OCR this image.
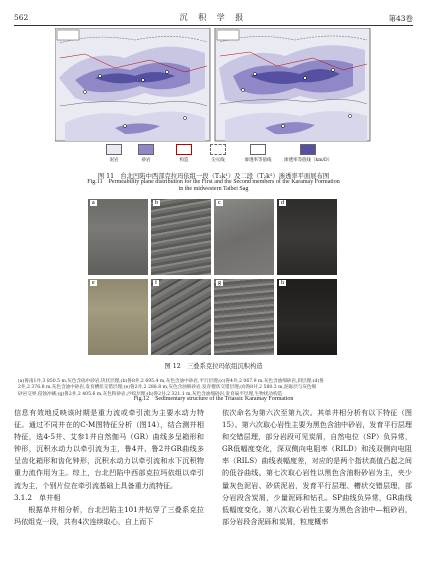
562	沉 积 学 报	第43卷
泥岩	砂岩	构造	尖灭线	渗透率等值线	渗透率等值线（km/D）
图 11　台北凹陷中西部克拉玛依组一段（T₂k¹）及二段（T₂k²）渗透率平面展布图
Fig.11　Permeability plane distribution for the First and the Second members of the Karamay Formation
in the midwestern Taibei Sag
a	b	c	d
e	f	g	h
图 12　三叠系克拉玛依组沉积构造
(a)鲁南1井,3 850.5 m,灰色含砾中砂岩,块状层理;(b)鲁8井,2 695.4 m,灰色含油中砂岩,平行层理;(c)鲁4井,2 067.9 m,灰色含油细砂岩,斜层理;(d)鲁
2井,2 376.8 m,灰色含油中砂岩,发育槽状交错层理;(e)鲁2井,2 288.8 m,灰色含油细砂岩,发育楔状交错层理;(f)鲁8井,2 580.3 m,泥砾层与灰色细
砂岩交界,侵蚀冲刷;(g)鲁2井,2 405.6 m,灰色粉砂岩,沙纹层理;(h)鲁2井,2 321.1 m,灰色含油细砂岩,发育扁平层理,生物扰动构造
Fig.12　Sedimentary structure of the Triassic Karamay Formation

信息有效地反映该时期是重力流或牵引流为主要水动力特征。通过不同井在的C-M图特征分析（图14），结合测井相特征，选4-5井、艾参1井自然伽马（GR）曲线多呈箱形和钟形，沉积水动力以牵引流为主，鲁4井、鲁2井GR曲线多呈齿化箱形和齿化钟形，沉积水动力以牵引流和水下沉积物重力流作用为主。综上，台北凹陷中西部克拉玛依组以牵引流为主，个别片位在牵引流基础上具备重力流特征。

3.1.2　单井相

根据单井相分析，台北凹陷主101井钻穿了三叠系克拉玛依组克一段，共有4次连续取心，自上而下

依次命名为第六次至第九次。其单井相分析有以下特征（图15）。第六次取心岩性主要为黑色含油中砂岩，发育平行层理和交错层理，部分岩段可见炭屑，自然电位（SP）负异常，GR低幅度变化，深双侧向电阻率（RILD）和浅双侧向电阻率（RILS）曲线表幅度差，对应的是两个指状高值凸起之间的低谷曲线。第七次取心岩性以黑色含油粉砂岩为主，夹少量灰色泥岩、砂质泥岩，发育平行层理、槽状交错层理，部分岩段含炭屑，少量泥砾和钻孔。SP曲线负异常，GR曲线低幅度变化。第八次取心岩性主要为黑色含油中—粗砂岩，部分岩段含泥砾和炭屑，粒度概率
